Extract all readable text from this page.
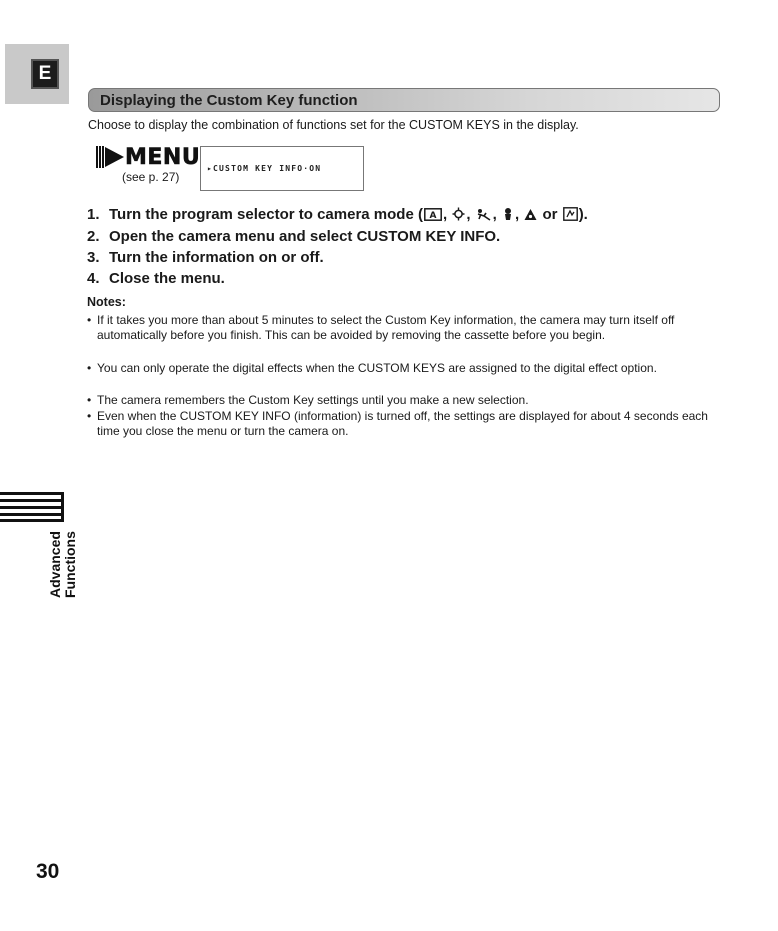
E
Displaying the Custom Key function
Choose to display the combination of functions set for the CUSTOM KEYS in the display.
MENU
(see p. 27)
▸CUSTOM KEY INFO·ON
1. Turn the program selector to camera mode ( A , , , ,  or ).
2. Open the camera menu and select CUSTOM KEY INFO.
3. Turn the information on or off.
4. Close the menu.
Notes:
• If it takes you more than about 5 minutes to select the Custom Key information, the camera may turn itself off automatically before you finish. This can be avoided by removing the cassette before you begin.
• You can only operate the digital effects when the CUSTOM KEYS are assigned to the digital effect option.
• The camera remembers the Custom Key settings until you make a new selection.
• Even when the CUSTOM KEY INFO (information) is turned off, the settings are displayed for about 4 seconds each time you close the menu or turn the camera on.
Advanced Functions
30
